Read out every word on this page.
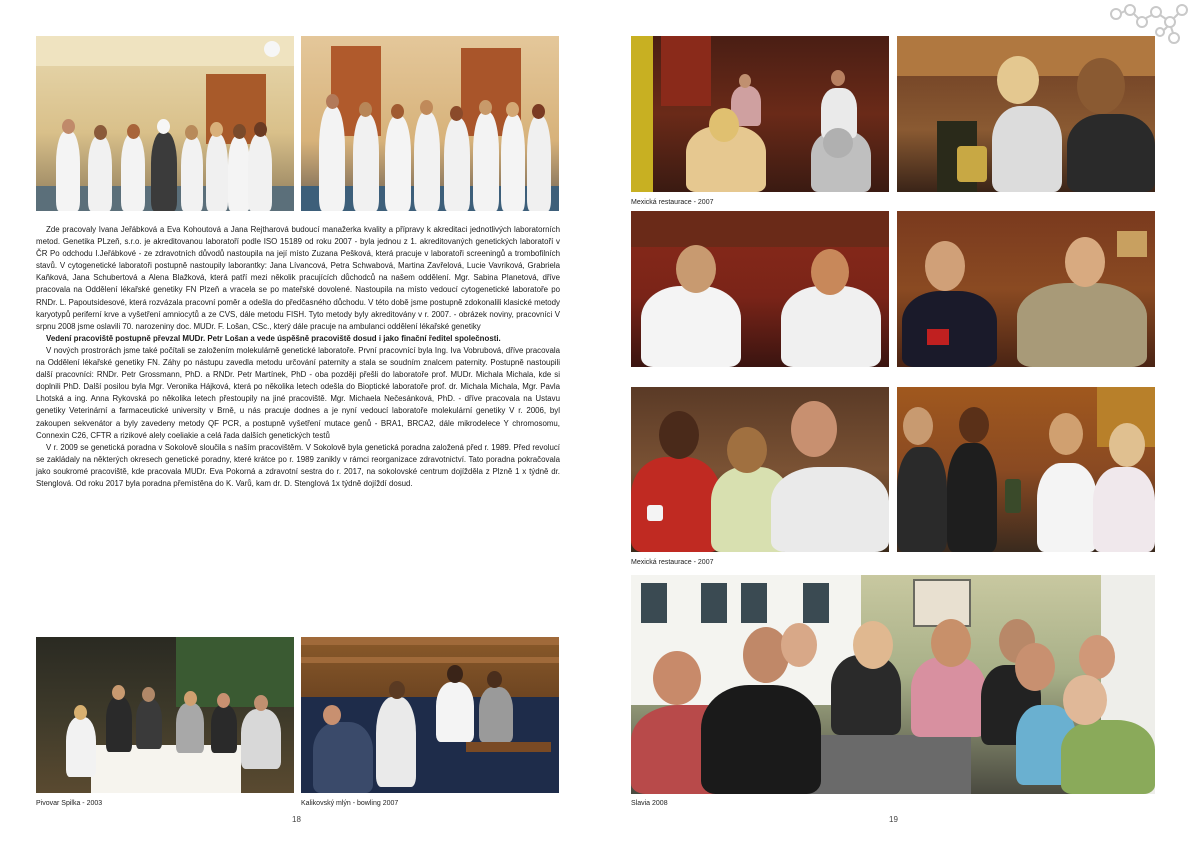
Zde pracovaly Ivana Jeřábková a Eva Kohoutová a Jana Rejtharová budoucí manažerka kvality a přípravy k akreditaci jednotlivých laboratorních metod. Genetika PLzeň, s.r.o. je akreditovanou laboratoří podle ISO 15189 od roku 2007 - byla jednou z 1. akreditovaných genetických laboratoří v ČR Po odchodu I.Jeřábkové - ze zdravotních důvodů nastoupila na její místo Zuzana Pešková, která pracuje v laboratoři screeningů a trombofilních stavů. V cytogenetické laboratoři postupně nastoupily laborantky: Jana Lívancová, Petra Schwabová, Martina Zavřelová, Lucie Vavriková, Grabriela Kaňková, Jana Schubertová a Alena Blažková, která patří mezi několik pracujících důchodců na našem oddělení. Mgr. Sabina Planetová, dříve pracovala na Oddělení lékařské genetiky FN Plzeň a vracela se po mateřské dovolené. Nastoupila na místo vedoucí cytogenetické laboratoře po RNDr. L. Papoutsidesové, která rozvázala pracovní poměr a odešla do předčasného důchodu. V této době jsme postupně zdokonalili klasické metody karyotypů periferní krve a vyšetření amniocytů a ze CVS, dále metodu FISH. Tyto metody byly akreditovány v r. 2007. - obrázek noviny, pracovníci V srpnu 2008 jsme oslavili 70. narozeniny doc. MUDr. F. Lošan, CSc., který dále pracuje na ambulanci oddělení lékařské genetiky

Vedení pracoviště postupně převzal MUDr. Petr Lošan a vede úspěšně pracoviště dosud i jako finační ředitel společnosti.

V nových prostrorách jsme také počítali se založením molekulárně genetické laboratoře. První pracovnící byla Ing. Iva Vobrubová, dříve pracovala na Oddělení lékařské genetiky FN. Záhy po nástupu zavedla metodu určování paternity a stala se soudním znalcem paternity. Postupně nastoupili další pracovníci: RNDr. Petr Grossmann, PhD. a RNDr. Petr Martínek, PhD - oba později přešli do laboratoře prof. MUDr. Michala Michala, kde si doplnili PhD. Další posilou byla Mgr. Veronika Hájková, která po několika letech odešla do Bioptické laboratoře prof. dr. Michala Michala, Mgr. Pavla Lhotská a ing. Anna Rykovská po několika letech přestoupily na jiné pracoviště. Mgr. Michaela Nečesánková, PhD. - dříve pracovala na Ustavu genetiky Veterinární a farmaceutické university v Brně, u nás pracuje dodnes a je nyní vedoucí laboratoře molekulární genetiky V r. 2006, byl zakoupen sekvenátor a byly zavedeny metody QF PCR, a postupně vyšetření mutace genů - BRA1, BRCA2, dále mikrodelece Y chromosomu, Connexin C26, CFTR a rizikové alely coeliakie a celá řada dalších genetických testů

V r. 2009 se genetická poradna v Sokolově sloučila s naším pracovištěm. V Sokolově byla genetická poradna založená před r. 1989. Před revolucí se zakládaly na některých okresech genetické poradny, které krátce po r. 1989 zanikly v rámci reorganizace zdravotnictví. Tato poradna pokračovala jako soukromé pracoviště, kde pracovala MUDr. Eva Pokorná a zdravotní sestra do r. 2017, na sokolovské centrum dojížděla z Plzně 1 x týdně dr. Stenglová. Od roku 2017 byla poradna přemístěna do K. Varů, kam dr. D. Stenglová 1x týdně dojíždí dosud.

Pivovar Spilka - 2003	Kalikovský mlýn - bowling 2007
18
Mexická restaurace - 2007
Mexická restaurace - 2007
Slavia 2008
19
